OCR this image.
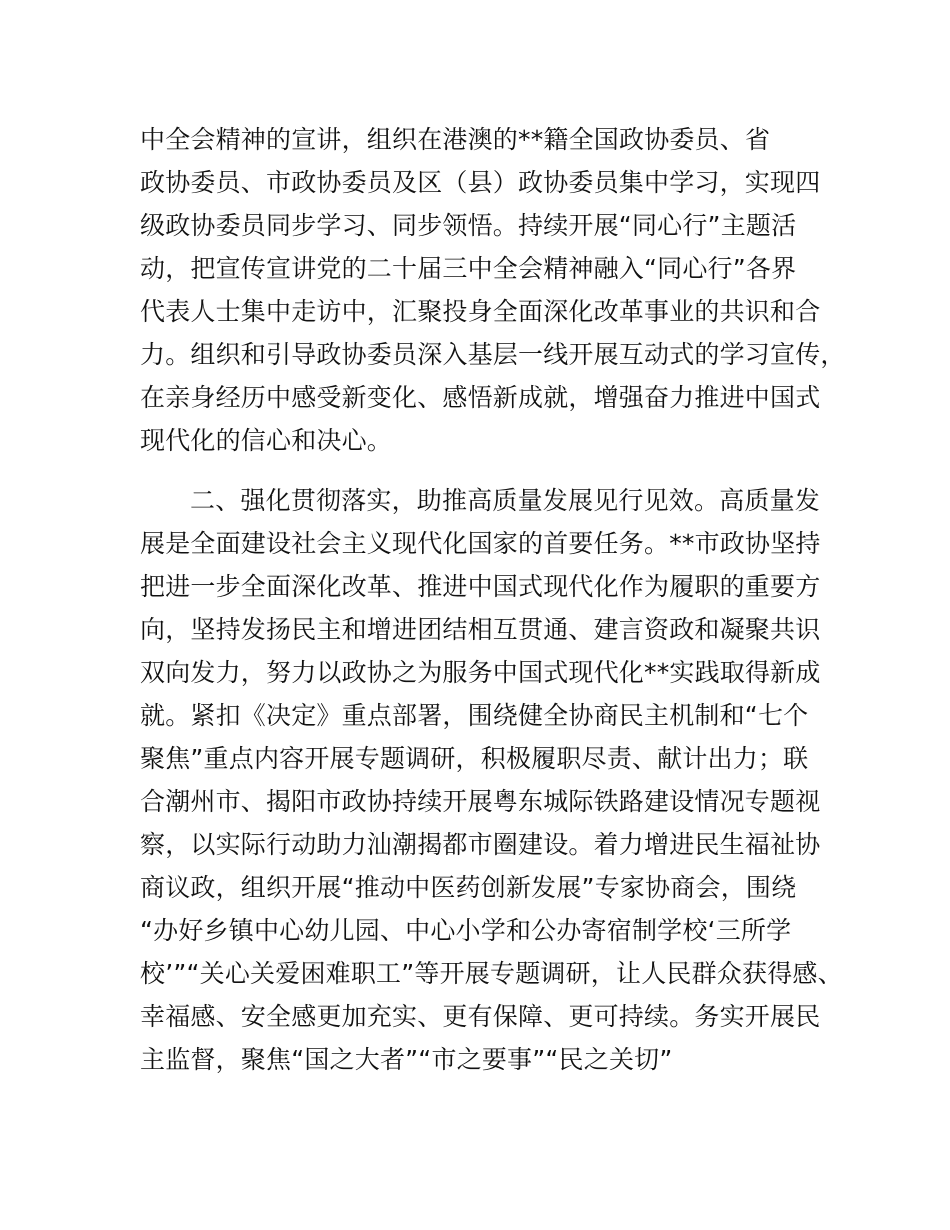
中全会精神的宣讲，组织在港澳的**籍全国政协委员、省
政协委员、市政协委员及区（县）政协委员集中学习，实现四
级政协委员同步学习、同步领悟。持续开展“同心行”主题活
动，把宣传宣讲党的二十届三中全会精神融入“同心行”各界
代表人士集中走访中，汇聚投身全面深化改革事业的共识和合
力。组织和引导政协委员深入基层一线开展互动式的学习宣传，
在亲身经历中感受新变化、感悟新成就，增强奋力推进中国式
现代化的信心和决心。
二、强化贯彻落实，助推高质量发展见行见效。高质量发
展是全面建设社会主义现代化国家的首要任务。**市政协坚持
把进一步全面深化改革、推进中国式现代化作为履职的重要方
向，坚持发扬民主和增进团结相互贯通、建言资政和凝聚共识
双向发力，努力以政协之为服务中国式现代化**实践取得新成
就。紧扣《决定》重点部署，围绕健全协商民主机制和“七个
聚焦”重点内容开展专题调研，积极履职尽责、献计出力；联
合潮州市、揭阳市政协持续开展粤东城际铁路建设情况专题视
察，以实际行动助力汕潮揭都市圈建设。着力增进民生福祉协
商议政，组织开展“推动中医药创新发展”专家协商会，围绕
“办好乡镇中心幼儿园、中心小学和公办寄宿制学校‘三所学
校’”“关心关爱困难职工”等开展专题调研，让人民群众获得感、
幸福感、安全感更加充实、更有保障、更可持续。务实开展民
主监督，聚焦“国之大者”“市之要事”“民之关切”
